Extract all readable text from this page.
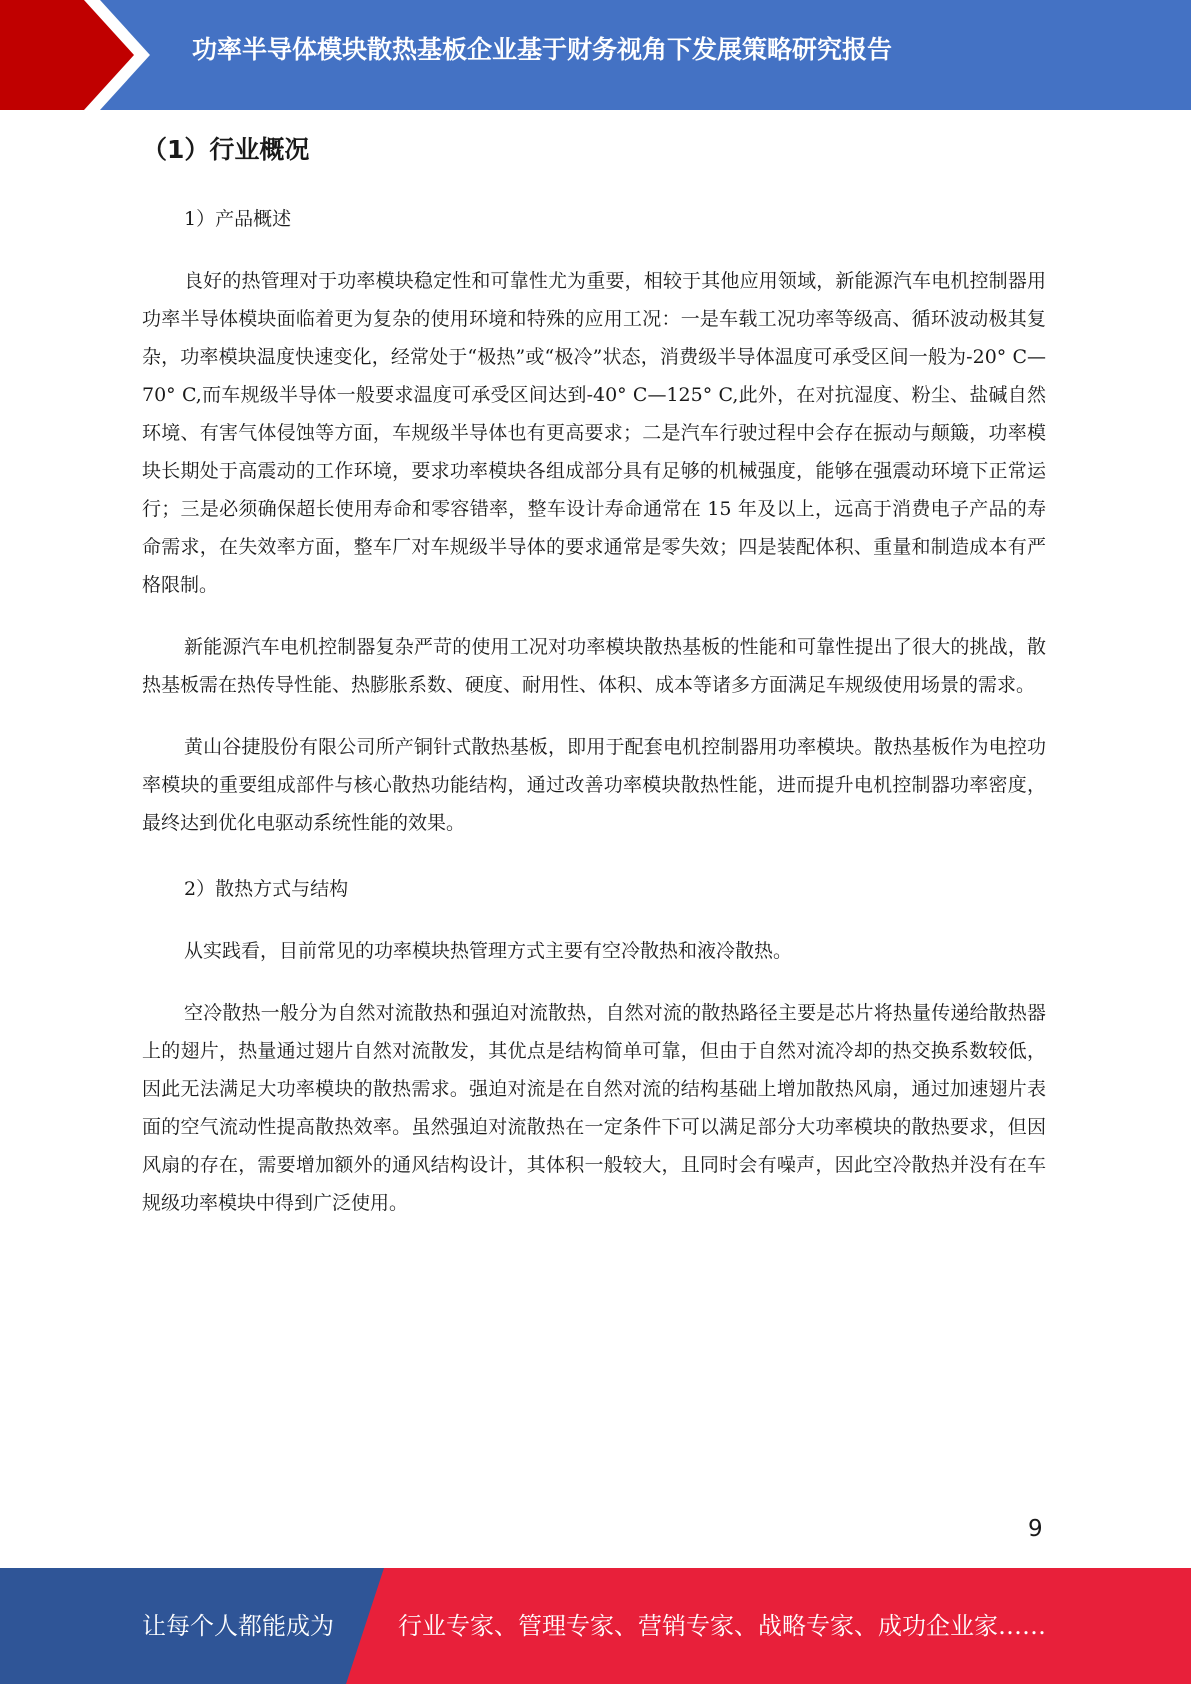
功率半导体模块散热基板企业基于财务视角下发展策略研究报告
（1）行业概况

1）产品概述

良好的热管理对于功率模块稳定性和可靠性尤为重要，相较于其他应用领域，新能源汽车电机控制器用功率半导体模块面临着更为复杂的使用环境和特殊的应用工况：一是车载工况功率等级高、循环波动极其复杂，功率模块温度快速变化，经常处于“极热”或“极冷”状态，消费级半导体温度可承受区间一般为-20° C—70° C,而车规级半导体一般要求温度可承受区间达到-40° C—125° C,此外，在对抗湿度、粉尘、盐碱自然环境、有害气体侵蚀等方面，车规级半导体也有更高要求；二是汽车行驶过程中会存在振动与颠簸，功率模块长期处于高震动的工作环境，要求功率模块各组成部分具有足够的机械强度，能够在强震动环境下正常运行；三是必须确保超长使用寿命和零容错率，整车设计寿命通常在 15 年及以上，远高于消费电子产品的寿命需求，在失效率方面，整车厂对车规级半导体的要求通常是零失效；四是装配体积、重量和制造成本有严格限制。

新能源汽车电机控制器复杂严苛的使用工况对功率模块散热基板的性能和可靠性提出了很大的挑战，散热基板需在热传导性能、热膨胀系数、硬度、耐用性、体积、成本等诸多方面满足车规级使用场景的需求。

黄山谷捷股份有限公司所产铜针式散热基板，即用于配套电机控制器用功率模块。散热基板作为电控功率模块的重要组成部件与核心散热功能结构，通过改善功率模块散热性能，进而提升电机控制器功率密度，最终达到优化电驱动系统性能的效果。

2）散热方式与结构

从实践看，目前常见的功率模块热管理方式主要有空冷散热和液冷散热。

空冷散热一般分为自然对流散热和强迫对流散热，自然对流的散热路径主要是芯片将热量传递给散热器上的翅片，热量通过翅片自然对流散发，其优点是结构简单可靠，但由于自然对流冷却的热交换系数较低，因此无法满足大功率模块的散热需求。强迫对流是在自然对流的结构基础上增加散热风扇，通过加速翅片表面的空气流动性提高散热效率。虽然强迫对流散热在一定条件下可以满足部分大功率模块的散热要求，但因风扇的存在，需要增加额外的通风结构设计，其体积一般较大，且同时会有噪声，因此空冷散热并没有在车规级功率模块中得到广泛使用。

9
让每个人都能成为	行业专家、管理专家、营销专家、战略专家、成功企业家……
